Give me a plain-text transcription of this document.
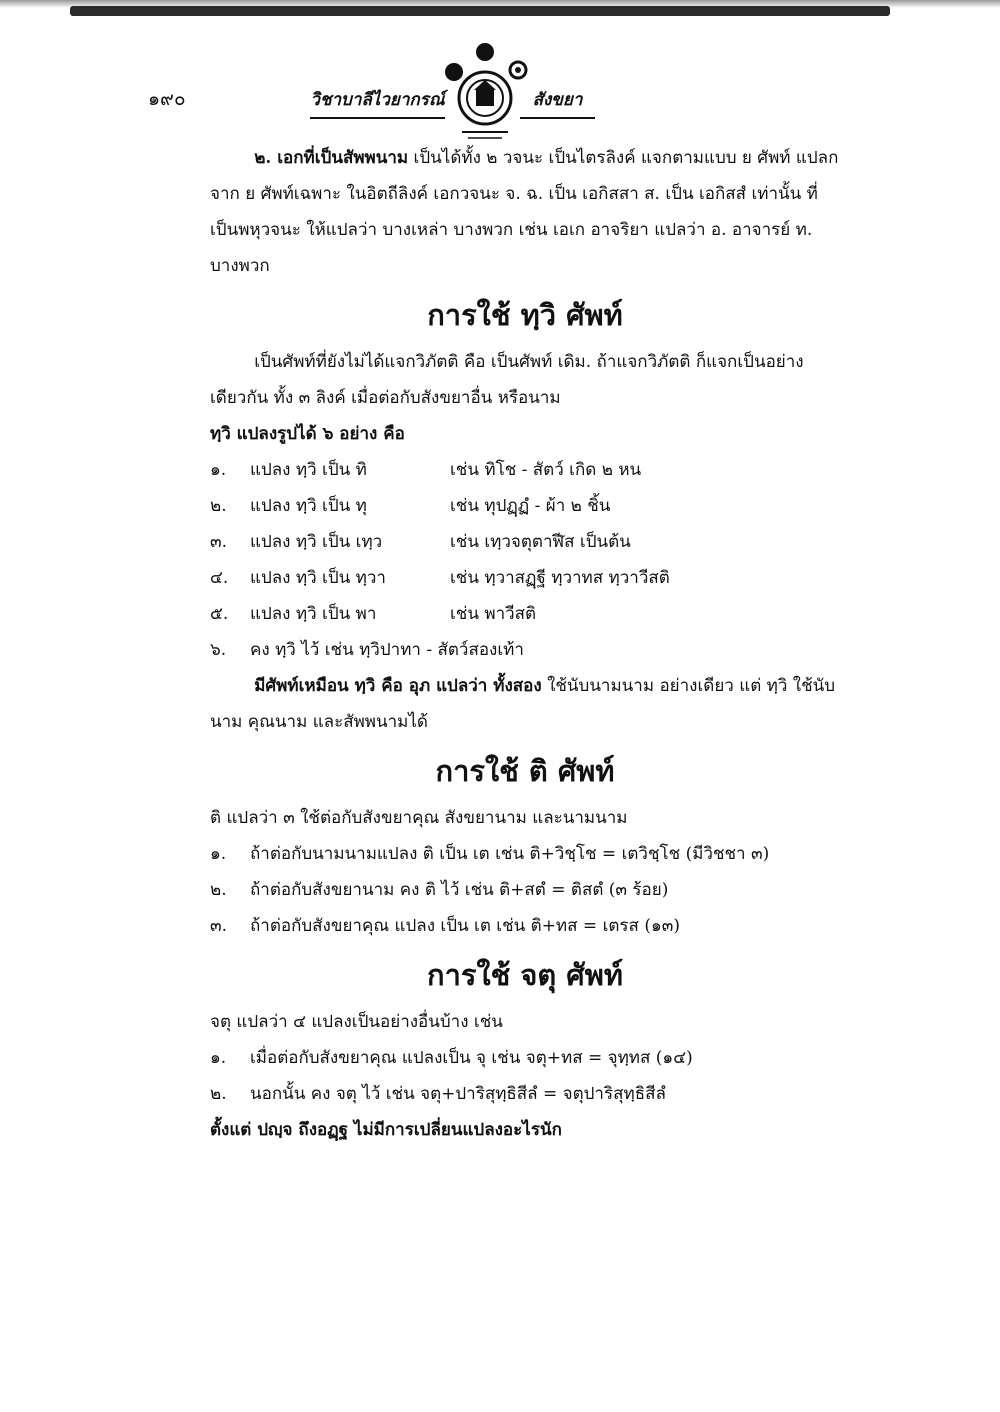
๑๙๐	วิชาบาลีไวยากรณ์	สังขยา

๒. เอกที่เป็นสัพพนาม เป็นได้ทั้ง ๒ วจนะ เป็นไตรลิงค์ แจกตามแบบ ย ศัพท์ แปลกจาก ย ศัพท์เฉพาะ ในอิตถีลิงค์ เอกวจนะ จ. ฉ. เป็น เอกิสสา ส. เป็น เอกิสสํ เท่านั้น ที่เป็นพหุวจนะ ให้แปลว่า บางเหล่า บางพวก เช่น เอเก อาจริยา แปลว่า อ. อาจารย์ ท. บางพวก

การใช้ ทฺวิ ศัพท์

เป็นศัพท์ที่ยังไม่ได้แจกวิภัตติ คือ เป็นศัพท์ เดิม. ถ้าแจกวิภัตติ ก็แจกเป็นอย่างเดียวกัน ทั้ง ๓ ลิงค์ เมื่อต่อกับสังขยาอื่น หรือนาม

ทฺวิ แปลงรูปได้ ๖ อย่าง คือ

๑.	แปลง ทฺวิ เป็น ทิ	เช่น ทิโช - สัตว์ เกิด ๒ หน
๒.	แปลง ทฺวิ เป็น ทุ	เช่น ทุปฏฺฏํ - ผ้า ๒ ชิ้น
๓.	แปลง ทฺวิ เป็น เทฺว	เช่น เทฺวจตุตาฬีส เป็นต้น
๔.	แปลง ทฺวิ เป็น ทฺวา	เช่น ทฺวาสฏฺฐี ทฺวาทส ทฺวาวีสติ
๕.	แปลง ทฺวิ เป็น พา	เช่น พาวีสติ
๖.	คง ทฺวิ ไว้ เช่น ทฺวิปาทา - สัตว์สองเท้า

มีศัพท์เหมือน ทฺวิ คือ อุภ แปลว่า ทั้งสอง ใช้นับนามนาม อย่างเดียว แต่ ทฺวิ ใช้นับนาม คุณนาม และสัพพนามได้

การใช้ ติ ศัพท์

ติ แปลว่า ๓ ใช้ต่อกับสังขยาคุณ สังขยานาม และนามนาม

๑.	ถ้าต่อกับนามนามแปลง ติ เป็น เต เช่น ติ+วิชฺโช = เตวิชฺโช (มีวิชชา ๓)
๒.	ถ้าต่อกับสังขยานาม คง ติ ไว้ เช่น ติ+สตํ = ติสตํ (๓ ร้อย)
๓.	ถ้าต่อกับสังขยาคุณ แปลง เป็น เต เช่น ติ+ทส = เตรส (๑๓)
การใช้ จตุ ศัพท์

จตุ แปลว่า ๔ แปลงเป็นอย่างอื่นบ้าง เช่น

๑.	เมื่อต่อกับสังขยาคุณ แปลงเป็น จุ เช่น จตุ+ทส = จุทฺทส (๑๔)
๒.	นอกนั้น คง จตุ ไว้ เช่น จตุ+ปาริสุทฺธิสีลํ = จตุปาริสุทฺธิสีลํ

ตั้งแต่ ปญฺจ ถึงอฏฺฐ ไม่มีการเปลี่ยนแปลงอะไรนัก
